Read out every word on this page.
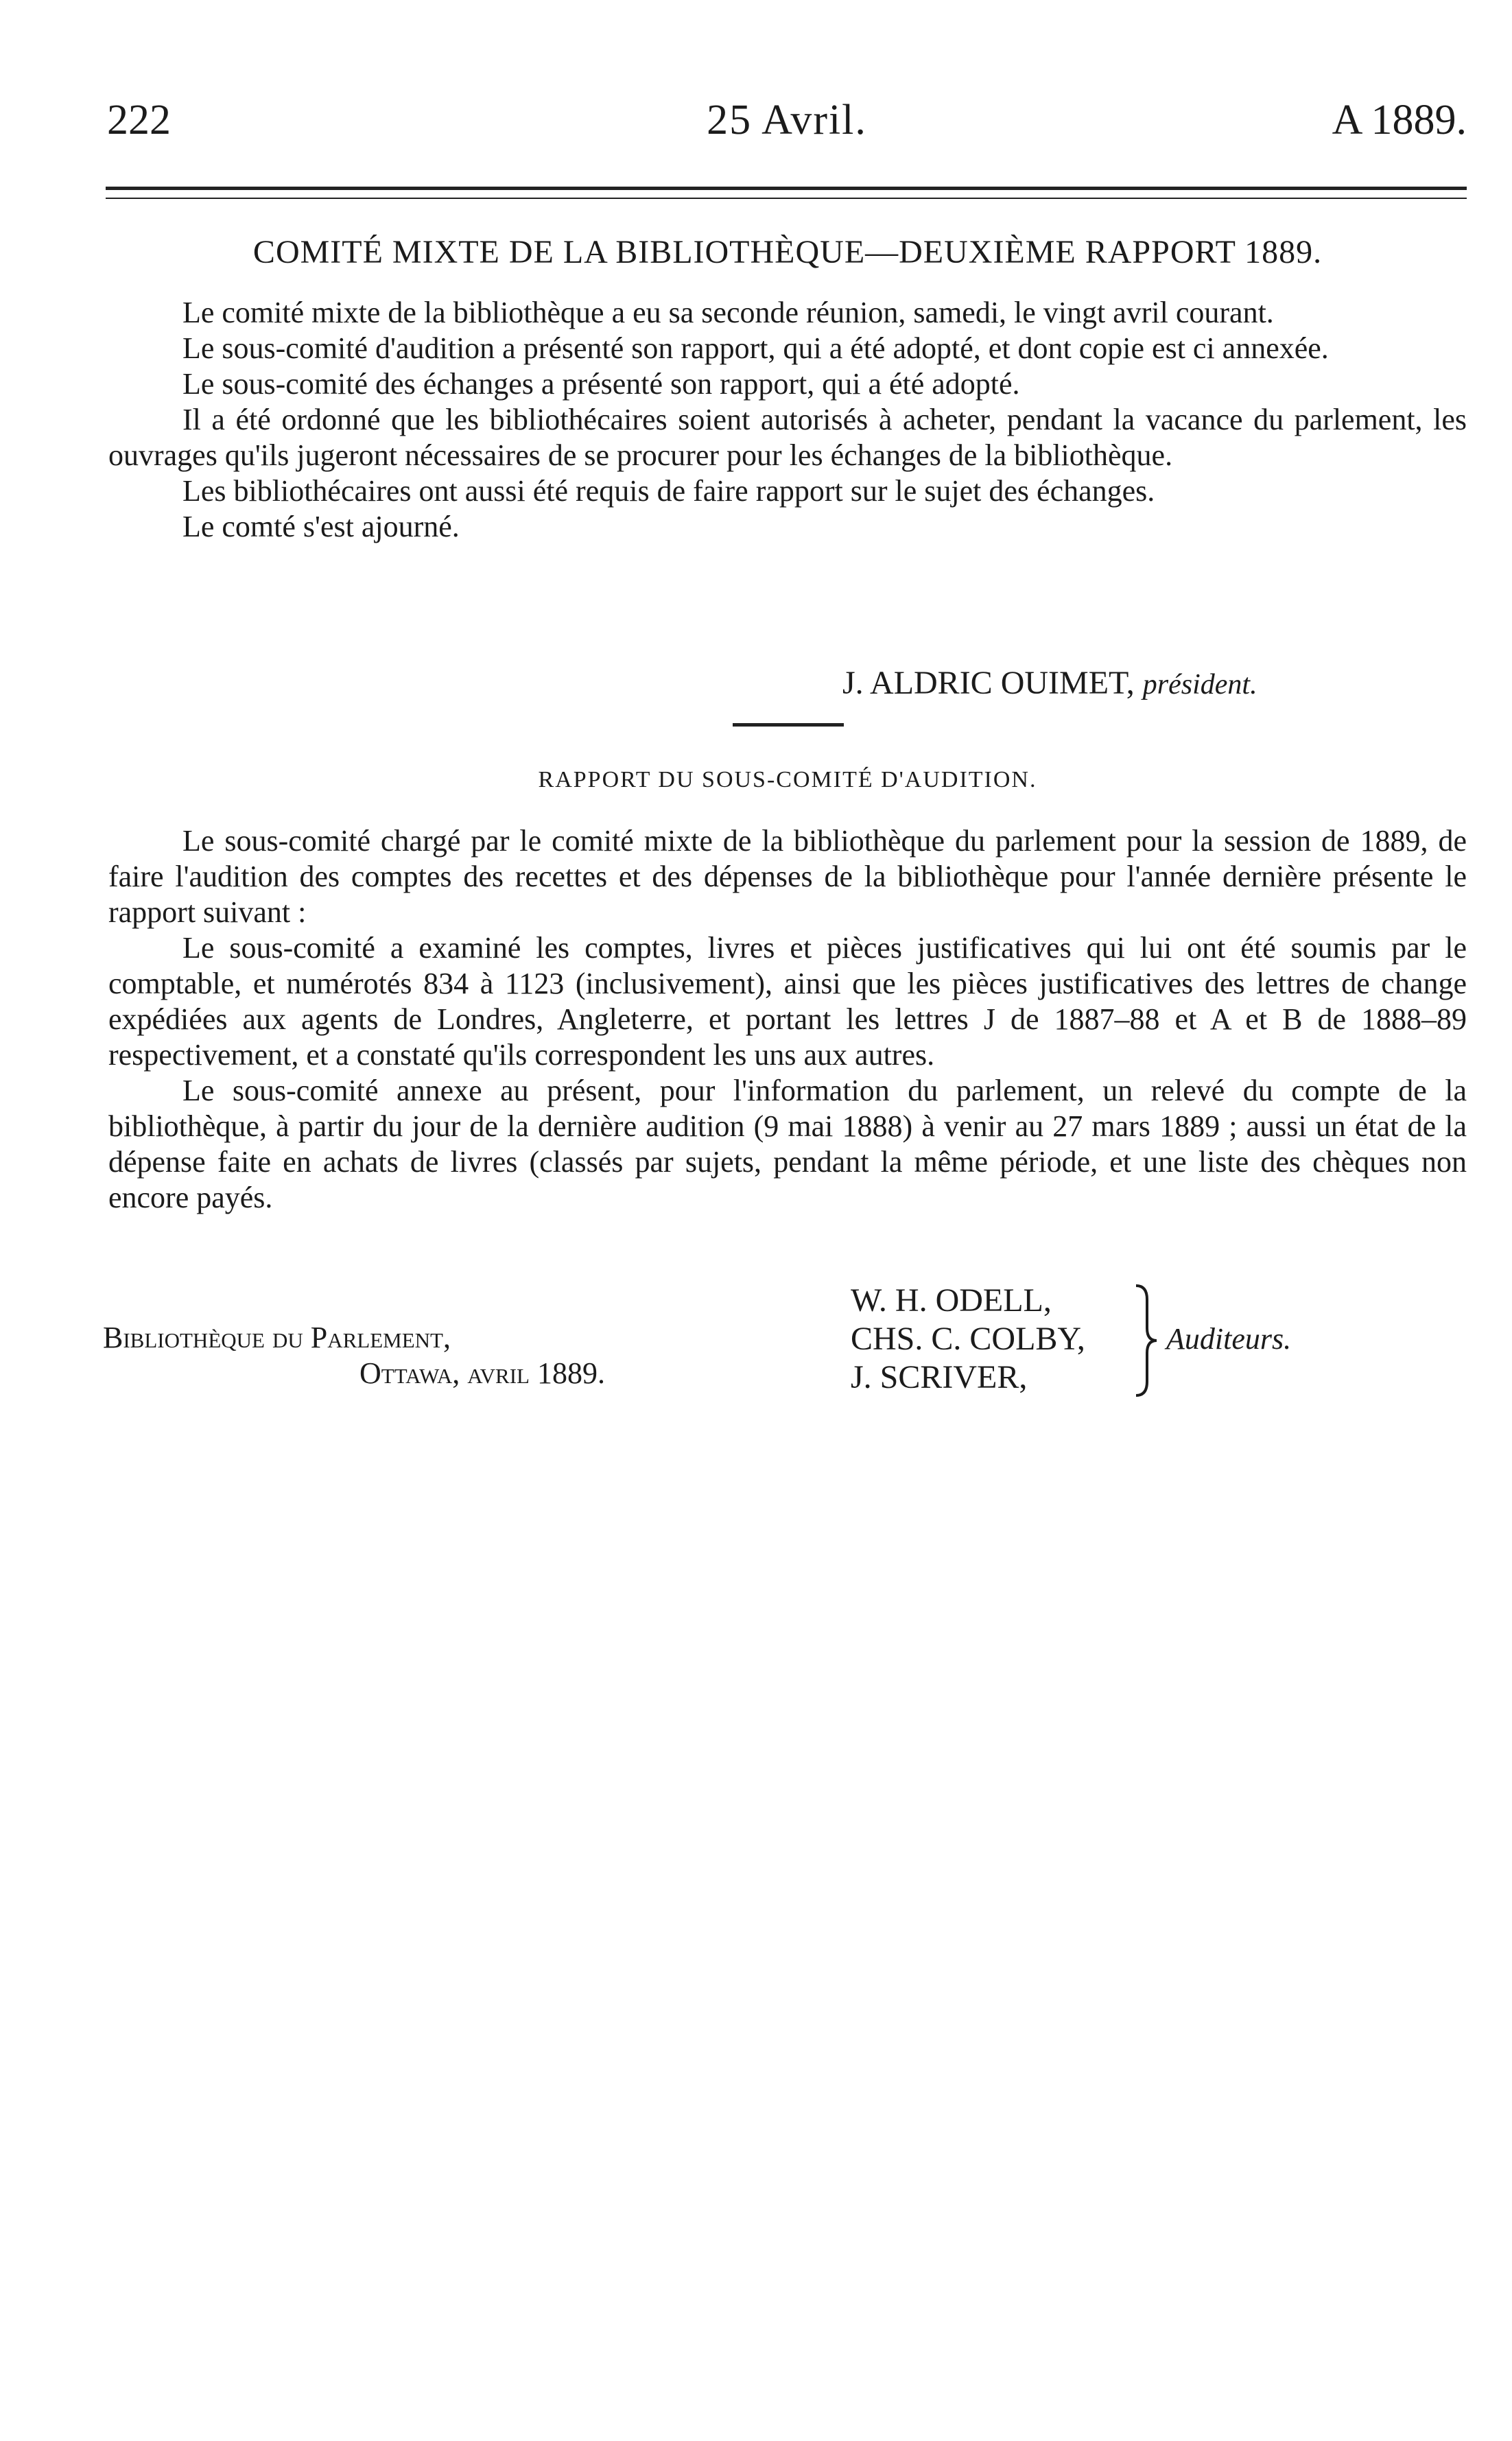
222	25 Avril.	A 1889.
COMITÉ MIXTE DE LA BIBLIOTHÈQUE—DEUXIÈME RAPPORT 1889.

Le comité mixte de la bibliothèque a eu sa seconde réunion, samedi, le vingt avril courant.

Le sous-comité d'audition a présenté son rapport, qui a été adopté, et dont copie est ci annexée.

Le sous-comité des échanges a présenté son rapport, qui a été adopté.

Il a été ordonné que les bibliothécaires soient autorisés à acheter, pendant la vacance du parlement, les ouvrages qu'ils jugeront nécessaires de se procurer pour les échanges de la bibliothèque.

Les bibliothécaires ont aussi été requis de faire rapport sur le sujet des échanges.

Le comté s'est ajourné.

J. ALDRIC OUIMET, président.
RAPPORT DU SOUS-COMITÉ D'AUDITION.

Le sous-comité chargé par le comité mixte de la bibliothèque du parlement pour la session de 1889, de faire l'audition des comptes des recettes et des dépenses de la bibliothèque pour l'année dernière présente le rapport suivant :

Le sous-comité a examiné les comptes, livres et pièces justificatives qui lui ont été soumis par le comptable, et numérotés 834 à 1123 (inclusivement), ainsi que les pièces justificatives des lettres de change expédiées aux agents de Londres, Angleterre, et portant les lettres J de 1887–88 et A et B de 1888–89 respectivement, et a constaté qu'ils correspondent les uns aux autres.

Le sous-comité annexe au présent, pour l'information du parlement, un relevé du compte de la bibliothèque, à partir du jour de la dernière audition (9 mai 1888) à venir au 27 mars 1889 ; aussi un état de la dépense faite en achats de livres (classés par sujets, pendant la même période, et une liste des chèques non encore payés.

Bibliothèque du Parlement,
Ottawa, avril 1889.
W. H. ODELL,
CHS. C. COLBY,
J. SCRIVER,
Auditeurs.
